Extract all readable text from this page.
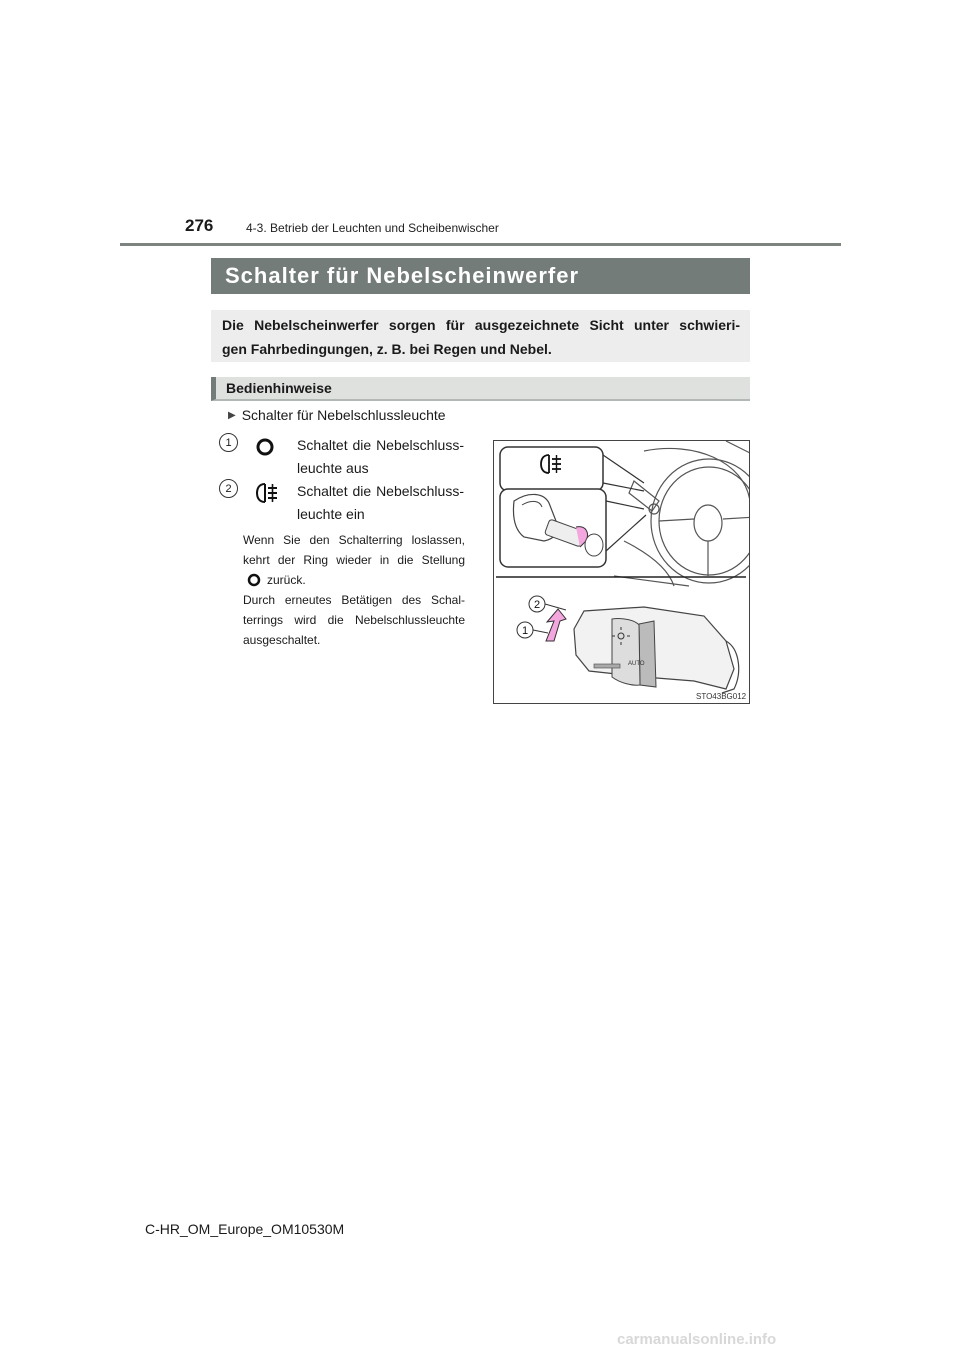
276	4-3. Betrieb der Leuchten und Scheibenwischer
Schalter für Nebelscheinwerfer

Die Nebelscheinwerfer sorgen für ausgezeichnete Sicht unter schwieri-

gen Fahrbedingungen, z. B. bei Regen und Nebel.

Bedienhinweise
▶ Schalter für Nebelschlussleuchte
1	Schaltet die Nebelschluss-
leuchte aus
2	Schaltet die Nebelschluss-
leuchte ein
Wenn Sie den Schalterring loslassen,
kehrt der Ring wieder in die Stellung
zurück.
Durch erneutes Betätigen des Schal-
terrings wird die Nebelschlussleuchte
ausgeschaltet.
AUTO
2
1
STO43BG012
C-HR_OM_Europe_OM10530M
carmanualsonline.info
